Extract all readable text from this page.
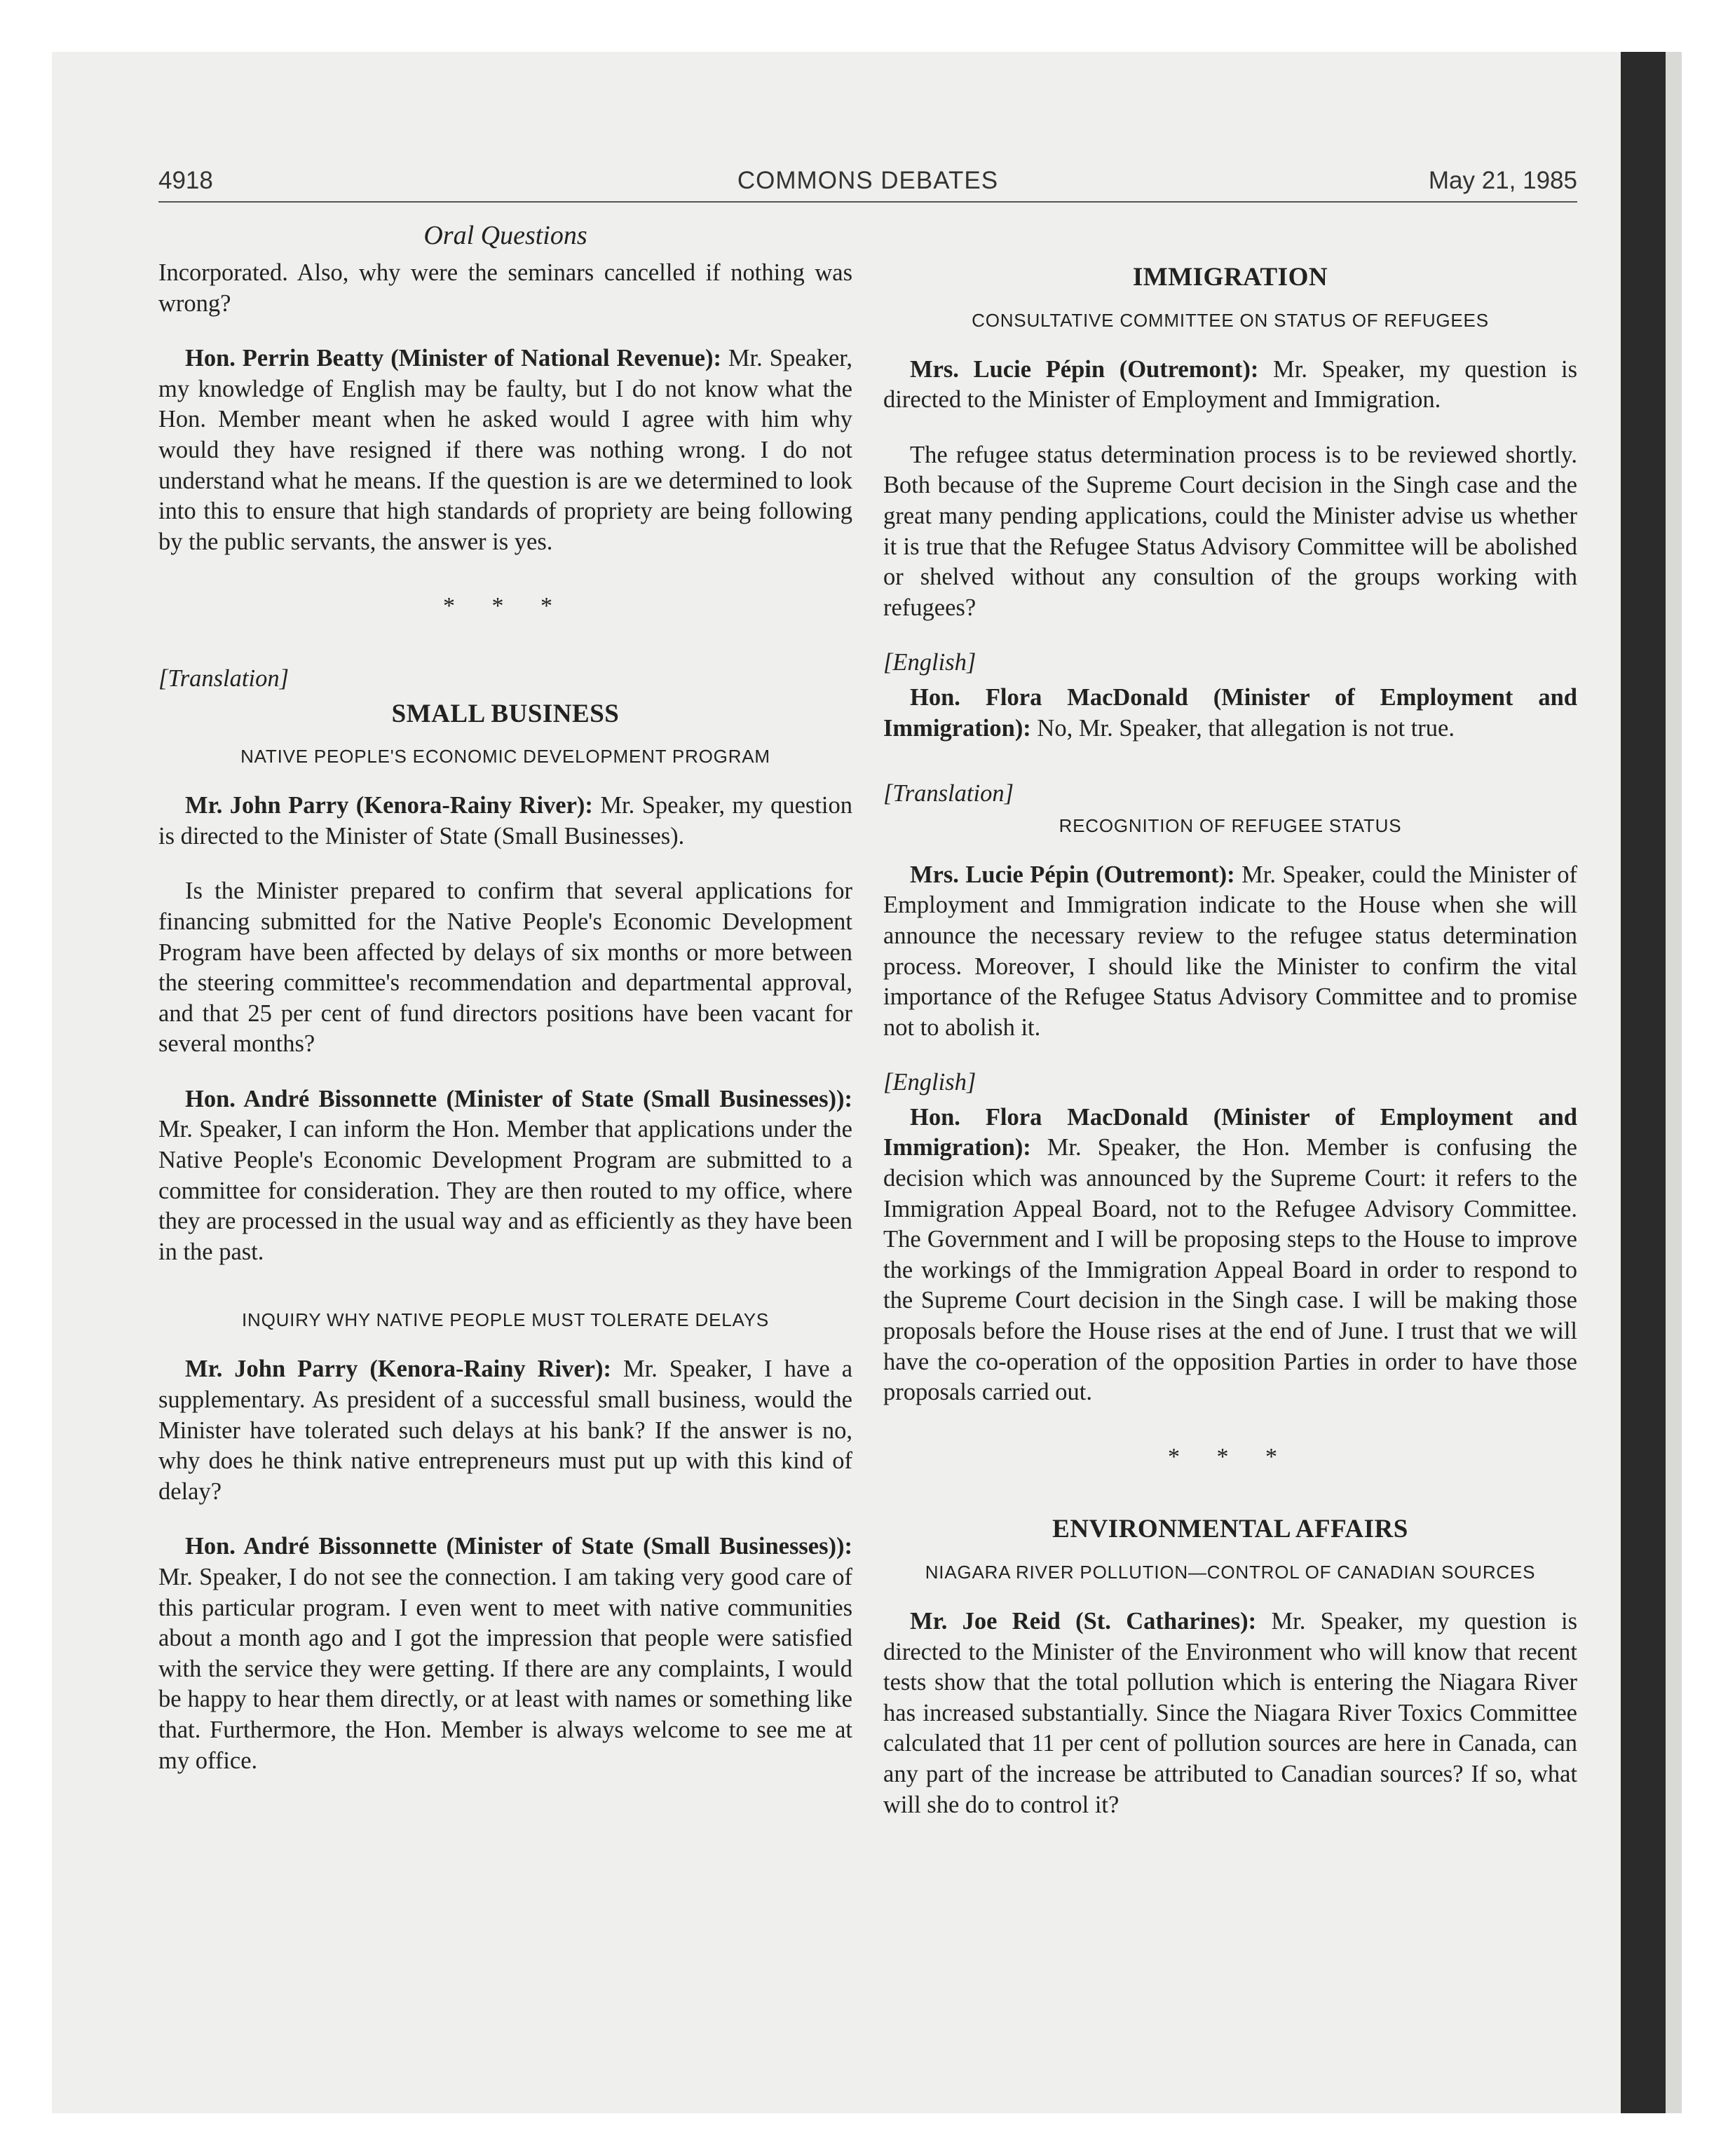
4918	COMMONS DEBATES	May 21, 1985
Oral Questions

Incorporated. Also, why were the seminars cancelled if nothing was wrong?

Hon. Perrin Beatty (Minister of National Revenue): Mr. Speaker, my knowledge of English may be faulty, but I do not know what the Hon. Member meant when he asked would I agree with him why would they have resigned if there was nothing wrong. I do not understand what he means. If the question is are we determined to look into this to ensure that high standards of propriety are being following by the public servants, the answer is yes.

* * *
[Translation]
SMALL BUSINESS
NATIVE PEOPLE'S ECONOMIC DEVELOPMENT PROGRAM

Mr. John Parry (Kenora-Rainy River): Mr. Speaker, my question is directed to the Minister of State (Small Businesses).

Is the Minister prepared to confirm that several applications for financing submitted for the Native People's Economic Development Program have been affected by delays of six months or more between the steering committee's recommendation and departmental approval, and that 25 per cent of fund directors positions have been vacant for several months?

Hon. André Bissonnette (Minister of State (Small Businesses)): Mr. Speaker, I can inform the Hon. Member that applications under the Native People's Economic Development Program are submitted to a committee for consideration. They are then routed to my office, where they are processed in the usual way and as efficiently as they have been in the past.

INQUIRY WHY NATIVE PEOPLE MUST TOLERATE DELAYS

Mr. John Parry (Kenora-Rainy River): Mr. Speaker, I have a supplementary. As president of a successful small business, would the Minister have tolerated such delays at his bank? If the answer is no, why does he think native entrepreneurs must put up with this kind of delay?

Hon. André Bissonnette (Minister of State (Small Businesses)): Mr. Speaker, I do not see the connection. I am taking very good care of this particular program. I even went to meet with native communities about a month ago and I got the impression that people were satisfied with the service they were getting. If there are any complaints, I would be happy to hear them directly, or at least with names or something like that. Furthermore, the Hon. Member is always welcome to see me at my office.

IMMIGRATION
CONSULTATIVE COMMITTEE ON STATUS OF REFUGEES

Mrs. Lucie Pépin (Outremont): Mr. Speaker, my question is directed to the Minister of Employment and Immigration.

The refugee status determination process is to be reviewed shortly. Both because of the Supreme Court decision in the Singh case and the great many pending applications, could the Minister advise us whether it is true that the Refugee Status Advisory Committee will be abolished or shelved without any consultion of the groups working with refugees?

[English]

Hon. Flora MacDonald (Minister of Employment and Immigration): No, Mr. Speaker, that allegation is not true.

[Translation]
RECOGNITION OF REFUGEE STATUS

Mrs. Lucie Pépin (Outremont): Mr. Speaker, could the Minister of Employment and Immigration indicate to the House when she will announce the necessary review to the refugee status determination process. Moreover, I should like the Minister to confirm the vital importance of the Refugee Status Advisory Committee and to promise not to abolish it.

[English]

Hon. Flora MacDonald (Minister of Employment and Immigration): Mr. Speaker, the Hon. Member is confusing the decision which was announced by the Supreme Court: it refers to the Immigration Appeal Board, not to the Refugee Advisory Committee. The Government and I will be proposing steps to the House to improve the workings of the Immigration Appeal Board in order to respond to the Supreme Court decision in the Singh case. I will be making those proposals before the House rises at the end of June. I trust that we will have the co-operation of the opposition Parties in order to have those proposals carried out.

* * *
ENVIRONMENTAL AFFAIRS
NIAGARA RIVER POLLUTION—CONTROL OF CANADIAN SOURCES

Mr. Joe Reid (St. Catharines): Mr. Speaker, my question is directed to the Minister of the Environment who will know that recent tests show that the total pollution which is entering the Niagara River has increased substantially. Since the Niagara River Toxics Committee calculated that 11 per cent of pollution sources are here in Canada, can any part of the increase be attributed to Canadian sources? If so, what will she do to control it?
